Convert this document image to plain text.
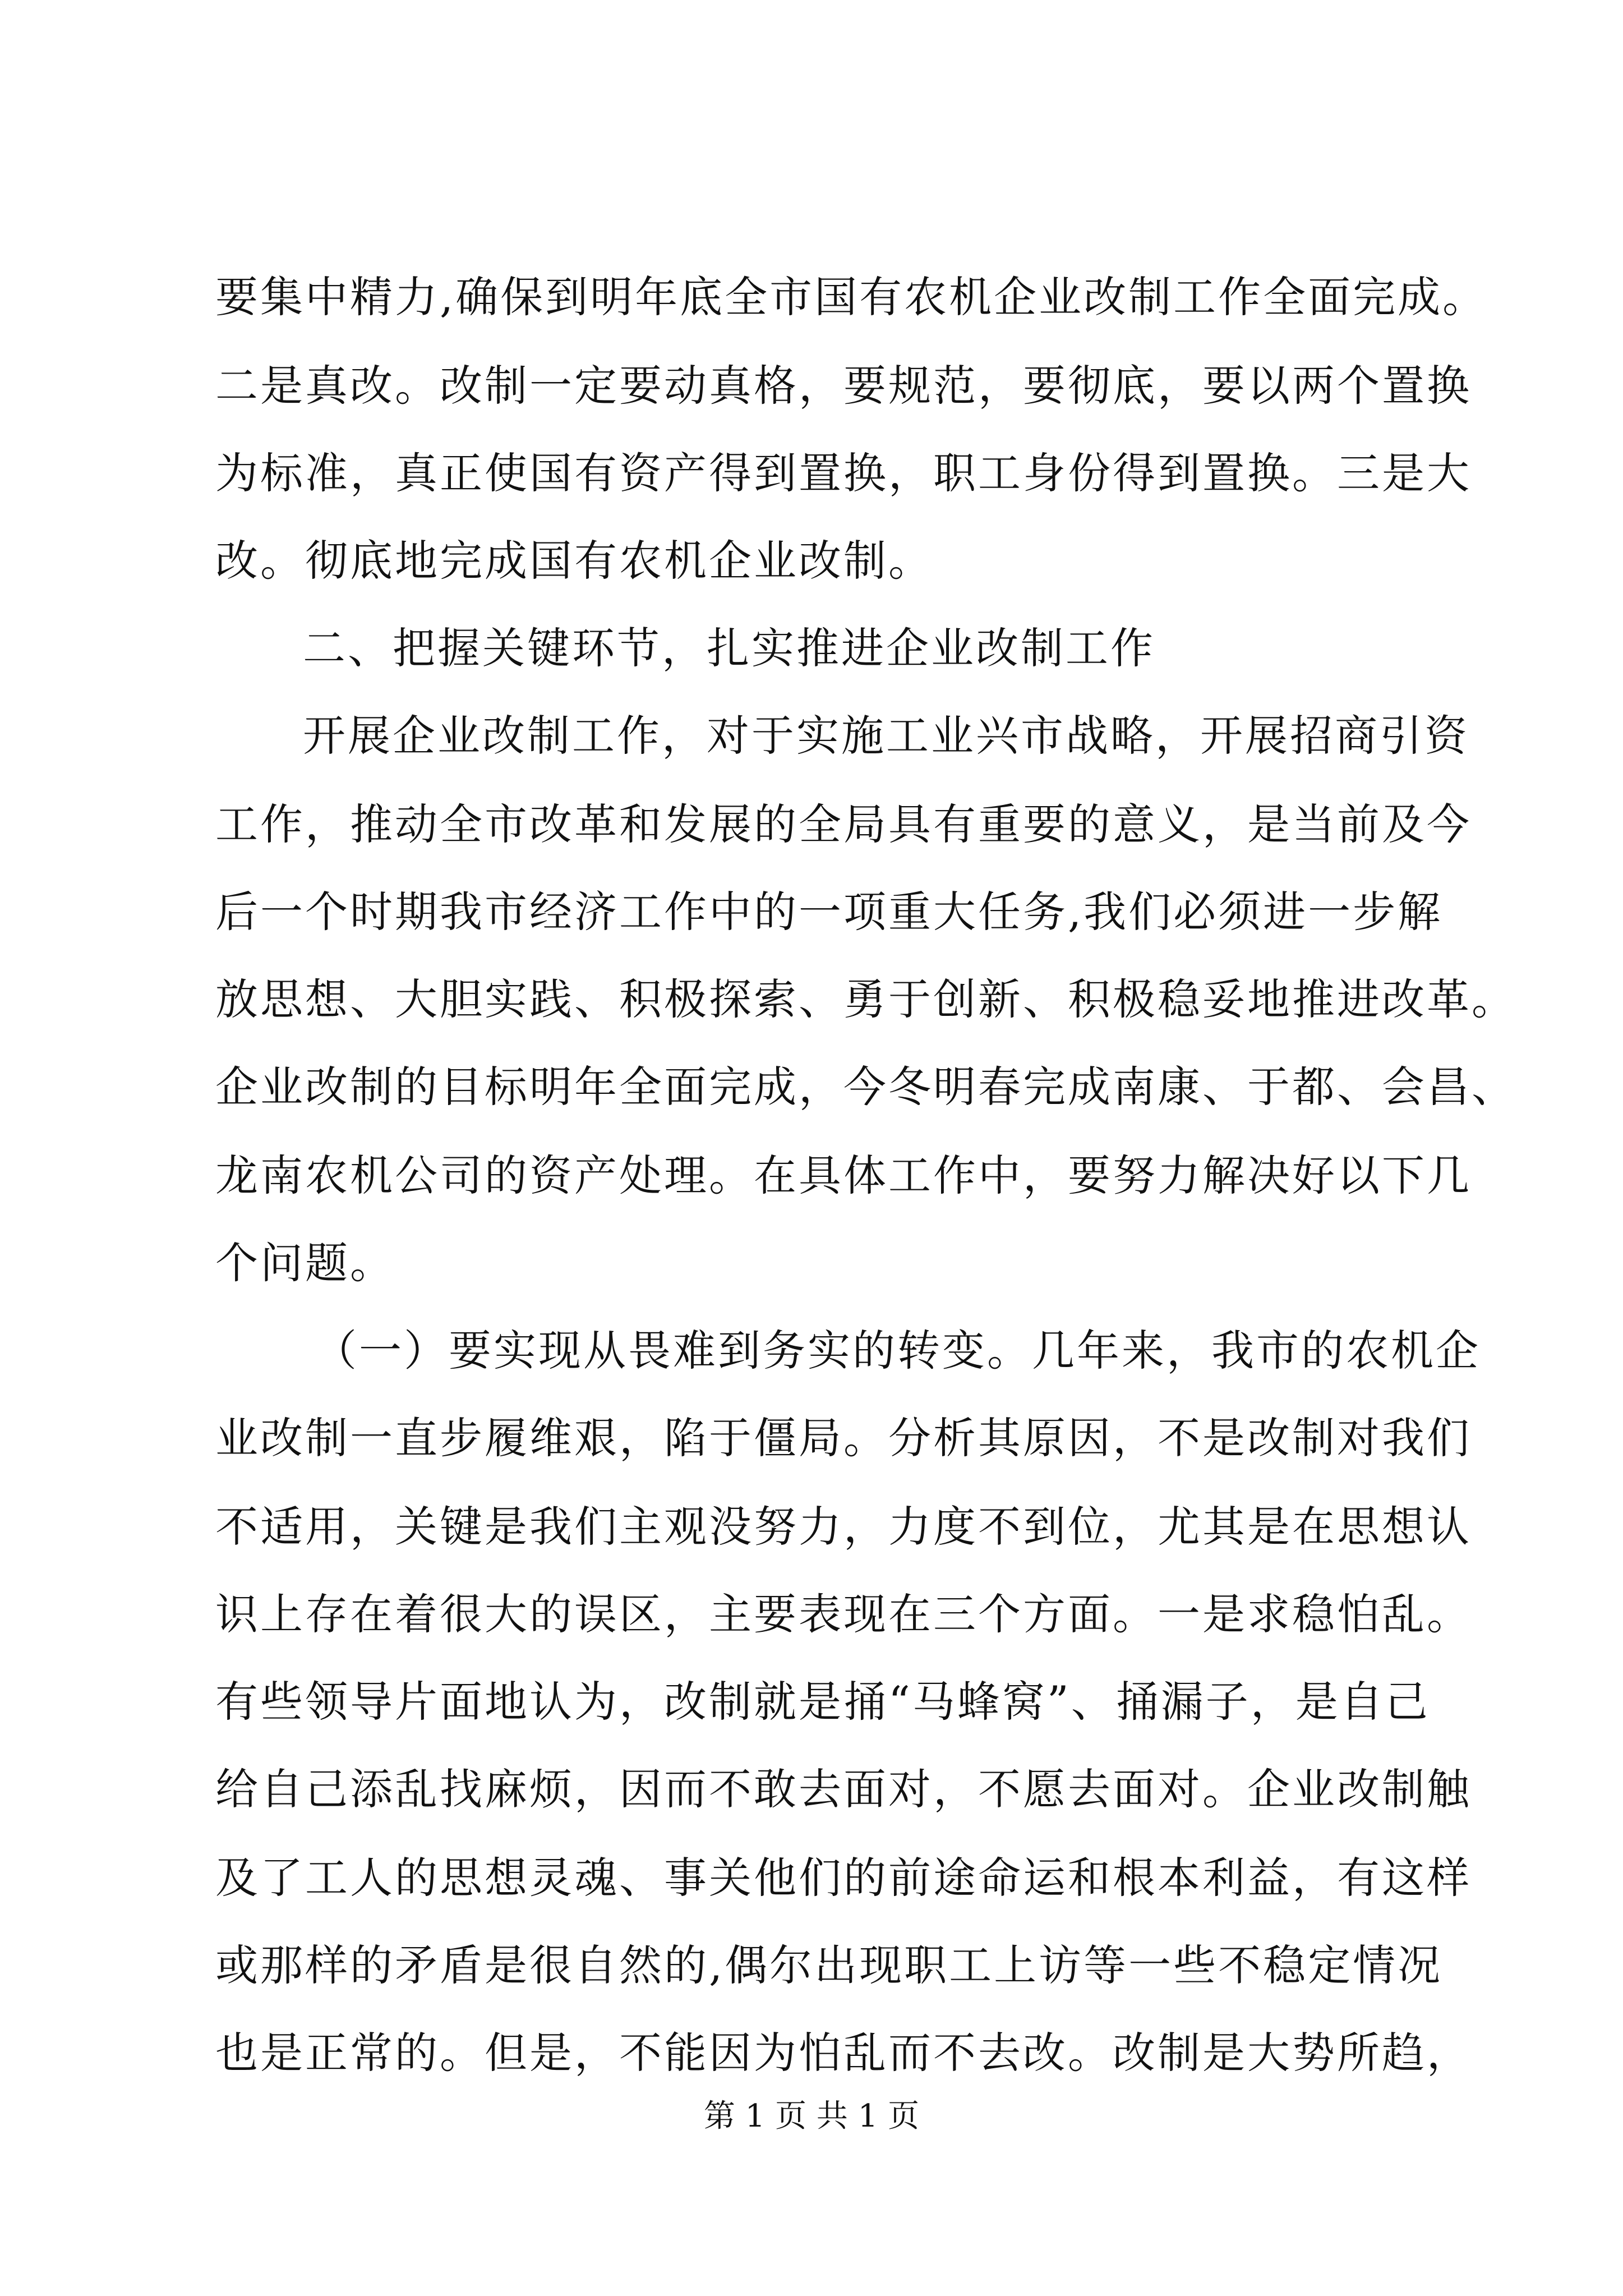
要集中精力,确保到明年底全市国有农机企业改制工作全面完成。
二是真改。改制一定要动真格，要规范，要彻底，要以两个置换
为标准，真正使国有资产得到置换，职工身份得到置换。三是大
改。彻底地完成国有农机企业改制。
二、把握关键环节，扎实推进企业改制工作
开展企业改制工作，对于实施工业兴市战略，开展招商引资
工作，推动全市改革和发展的全局具有重要的意义，是当前及今
后一个时期我市经济工作中的一项重大任务,我们必须进一步解
放思想、大胆实践、积极探索、勇于创新、积极稳妥地推进改革。
企业改制的目标明年全面完成，今冬明春完成南康、于都、会昌、
龙南农机公司的资产处理。在具体工作中，要努力解决好以下几
个问题。
（一）要实现从畏难到务实的转变。几年来，我市的农机企
业改制一直步履维艰，陷于僵局。分析其原因，不是改制对我们
不适用，关键是我们主观没努力，力度不到位，尤其是在思想认
识上存在着很大的误区，主要表现在三个方面。一是求稳怕乱。
有些领导片面地认为，改制就是捅“马蜂窝”、捅漏子，是自己
给自己添乱找麻烦，因而不敢去面对，不愿去面对。企业改制触
及了工人的思想灵魂、事关他们的前途命运和根本利益，有这样
或那样的矛盾是很自然的,偶尔出现职工上访等一些不稳定情况
也是正常的。但是，不能因为怕乱而不去改。改制是大势所趋，
第 1 页 共 1 页
